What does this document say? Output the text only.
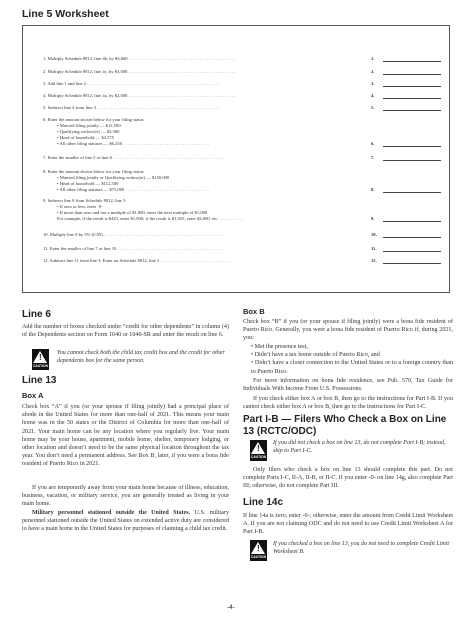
Line 5 Worksheet
1. Multiply Schedule 8812, line 4b, by $3,600 . . . . . . . . . . . . . . . . . . . . . . . . . . . . . . . . . . . . . . . . . . . . . . .	1.
2. Multiply Schedule 8812, line 4c, by $3,000 . . . . . . . . . . . . . . . . . . . . . . . . . . . . . . . . . . . . . . . . . . . . . . .	2.
3. Add line 1 and line 2 . . . . . . . . . . . . . . . . . . . . . . . . . . . . . . . . . . . . . . . . . . . . . . . . . . . . . . . . . .	3.
4. Multiply Schedule 8812, line 4a, by $2,000 . . . . . . . . . . . . . . . . . . . . . . . . . . . . . . . . . . . . . . . . . . . . . . .	4.
5. Subtract line 4 from line 3 . . . . . . . . . . . . . . . . . . . . . . . . . . . . . . . . . . . . . . . . . . . . . . . . . . . . . .	5.
6. Enter the amount shown below for your filing status
• Married filing jointly — $12,500
• Qualifying widow(er) — $2,500
• Head of household — $4,375
• All other filing statuses — $6,250 . . . . . . . . . . . . . . . . . . . . . . . . . . . . . . . . . . . . . .	6.
7. Enter the smaller of line 5 or line 6 . . . . . . . . . . . . . . . . . . . . . . . . . . . . . . . . . . . . . . . . . . . . . . . . .	7.
8. Enter the amount shown below for your filing status
• Married filing jointly or Qualifying widow(er) — $150,000
• Head of household — $112,500
• All other filing statuses — $75,000 . . . . . . . . . . . . . . . . . . . . . . . . . . . . . . . . . . . . .	8.
9. Subtract line 8 from Schedule 8812, line 3
• If zero or less, enter -0-
• If more than zero and not a multiple of $1,000, enter the next multiple of $1,000.
For example, if the result is $425, enter $1,000; if the result is $1,025, enter $2,000, etc. . . . . . . . . . . .	9.
10. Multiply line 9 by 5% (0.05) . . . . . . . . . . . . . . . . . . . . . . . . . . . . . . . . . . . . . . . . . . . . . . . . . . . . .	10.
11. Enter the smaller of line 7 or line 10 . . . . . . . . . . . . . . . . . . . . . . . . . . . . . . . . . . . . . . . . . . . . . .	11.
12. Subtract line 11 from line 3. Enter on Schedule 8812, line 5 . . . . . . . . . . . . . . . . . . . . . . . . . . . . . . . .	12.
Line 6
Add the number of boxes checked under “credit for other dependents” in column (4) of the Dependents section on Form 1040 or 1040-SR and enter the result on line 6.
!
CAUTION
You cannot check both the child tax credit box and the credit for other dependents box for the same person.
Line 13
Box A
Check box “A” if you (or your spouse if filing jointly) had a principal place of abode in the United States for more than one-half of 2021. This means your main home was in the 50 states or the District of Columbia for more than one-half of 2021. Your main home can be any location where you regularly live. Your main home may be your house, apartment, mobile home, shelter, temporary lodging, or other location and doesn’t need to be the same physical location throughout the tax year. You don’t need a permanent address. See Box B, later, if you were a bona fide resident of Puerto Rico in 2021.
If you are temporarily away from your main home because of illness, education, business, vacation, or military service, you are generally treated as living in your main home.
Military personnel stationed outside the United States. U.S. military personnel stationed outside the United States on extended active duty are considered to have a main home in the United States for purposes of claiming a child tax credit.
Box B
Check box “B” if you (or your spouse if filing jointly) were a bona fide resident of Puerto Rico. Generally, you were a bona fide resident of Puerto Rico if, during 2021, you:
• Met the presence test,
• Didn’t have a tax home outside of Puerto Rico, and
• Didn’t have a closer connection to the United States or to a foreign country than to Puerto Rico.
For more information on bona fide residence, see Pub. 570, Tax Guide for Individuals With Income From U.S. Possessions.
If you check either box A or box B, then go to the instructions for Part I-B. If you cannot check either box A or box B, then go to the instructions for Part I-C.
Part I-B — Filers Who Check a Box on Line 13 (RCTC/ODC)
!
CAUTION
If you did not check a box on line 13, do not complete Part I-B; instead, skip to Part I-C.
Only filers who check a box on line 13 should complete this part. Do not complete Parts I-C, II-A, II-B, or II-C. If you enter -0- on line 14g, also complete Part III; otherwise, do not complete Part III.
Line 14c
If line 14a is zero, enter -0-; otherwise, enter the amount from Credit Limit Worksheet A. If you are not claiming ODC and do not need to use Credit Limit Worksheet A for Part I-B.
!
CAUTION
If you checked a box on line 13, you do not need to complete Credit Limit Worksheet B.
-4-
